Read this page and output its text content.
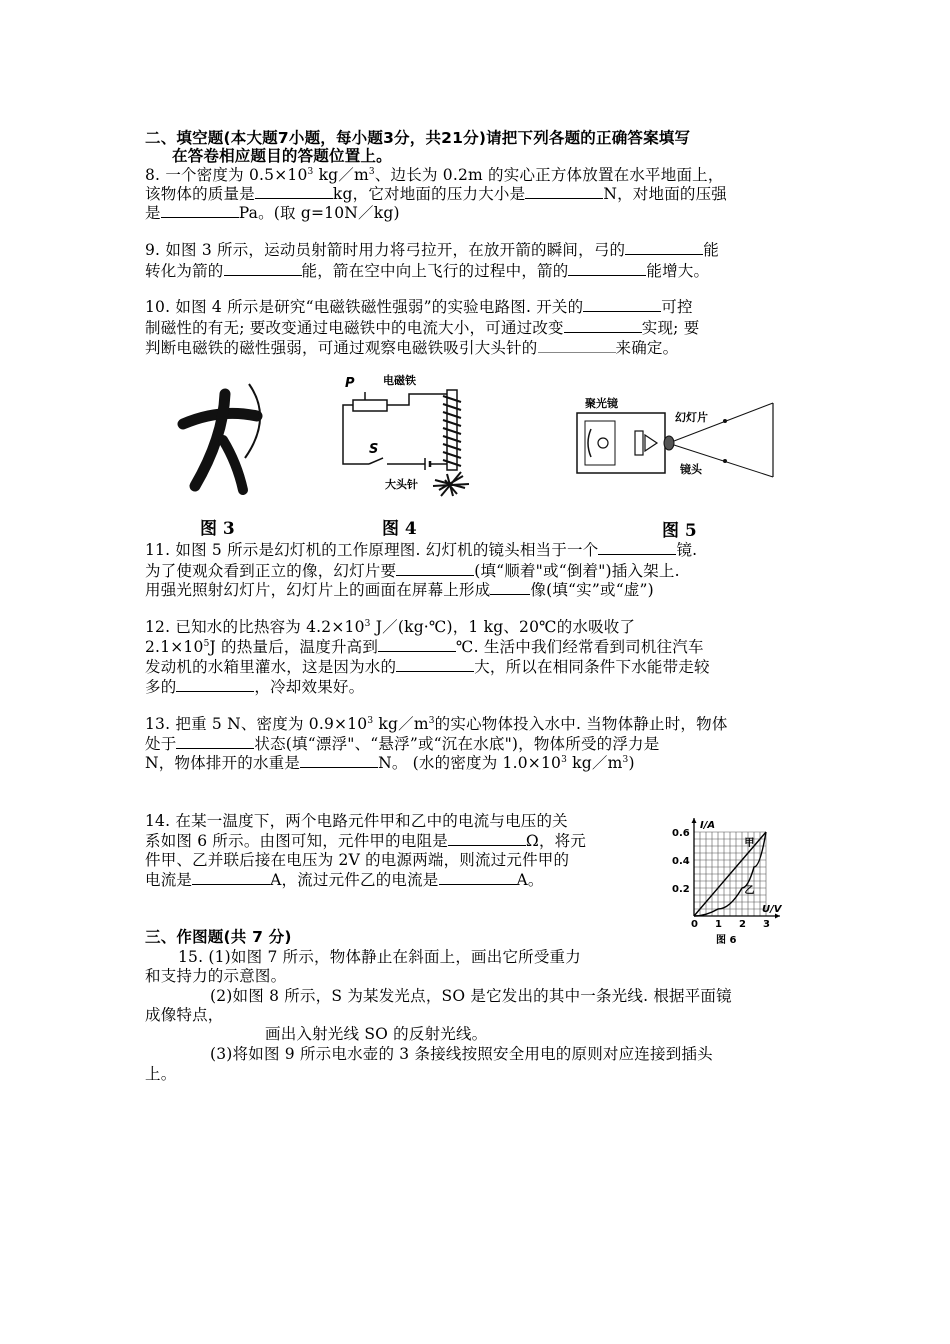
二、填空题(本大题7小题，每小题3分，共21分)请把下列各题的正确答案填写
在答卷相应题目的答题位置上。
8. 一个密度为 $0.5\times 10^3$ $kg/m^3$、边长为 0.2m 的实心正方体放置在水平地面上，
该物体的质量是	kg，它对地面的压力大小是	N，对地面的压强
是	Pa。(取 g=10N／kg)
9. 如图 3 所示，运动员射箭时用力将弓拉开，在放开箭的瞬间，弓的	能
转化为箭的	能，箭在空中向上飞行的过程中，箭的	能增大。
10. 如图 4 所示是研究“电磁铁磁性强弱”的实验电路图. 开关的	可控
制磁性的有无; 要改变通过电磁铁中的电流大小，可通过改变	实现; 要
判断电磁铁的磁性强弱，可通过观察电磁铁吸引大头针的	来确定。
图 3
P	电磁铁
S
大头针
图 4
聚光镜
幻灯片
镜头
图 5
11. 如图 5 所示是幻灯机的工作原理图. 幻灯机的镜头相当于一个	镜.
为了使观众看到正立的像，幻灯片要	(填“顺着"或“倒着")插入架上.
用强光照射幻灯片，幻灯片上的画面在屏幕上形成	像(填“实”或“虚”)
12. 已知水的比热容为 $4.2\times 10^3$ J／(kg·℃)，1 kg、20℃的水吸收了
$2.1\times 10^5J$ 的热量后，温度升高到	℃. 生活中我们经常看到司机往汽车
发动机的水箱里灌水，这是因为水的	大，所以在相同条件下水能带走较
多的	，冷却效果好。
13. 把重 5 N、密度为 $0.9\times 10^3$ $kg/m^3$的实心物体投入水中. 当物体静止时，物体
处于	状态(填“漂浮"、“悬浮”或“沉在水底")，物体所受的浮力是
N，物体排开的水重是	N。 (水的密度为 $1.0\times 10^3$ $kg/m^3$)
14. 在某一温度下，两个电路元件甲和乙中的电流与电压的关
系如图 6 所示。由图可知，元件甲的电阻是	Ω，将元
件甲、乙并联后接在电压为 2V 的电源两端，则流过元件甲的
电流是	A，流过元件乙的电流是	A。
0 1 2 3
0.2
0.4
0.6
I/A
U/V
甲
乙
图 6
三、作图题(共 7 分)
15. (1)如图 7 所示，物体静止在斜面上，画出它所受重力
和支持力的示意图。
(2)如图 8 所示，S 为某发光点，SO 是它发出的其中一条光线. 根据平面镜
成像特点，
画出入射光线 SO 的反射光线。
(3)将如图 9 所示电水壶的 3 条接线按照安全用电的原则对应连接到插头
上。
